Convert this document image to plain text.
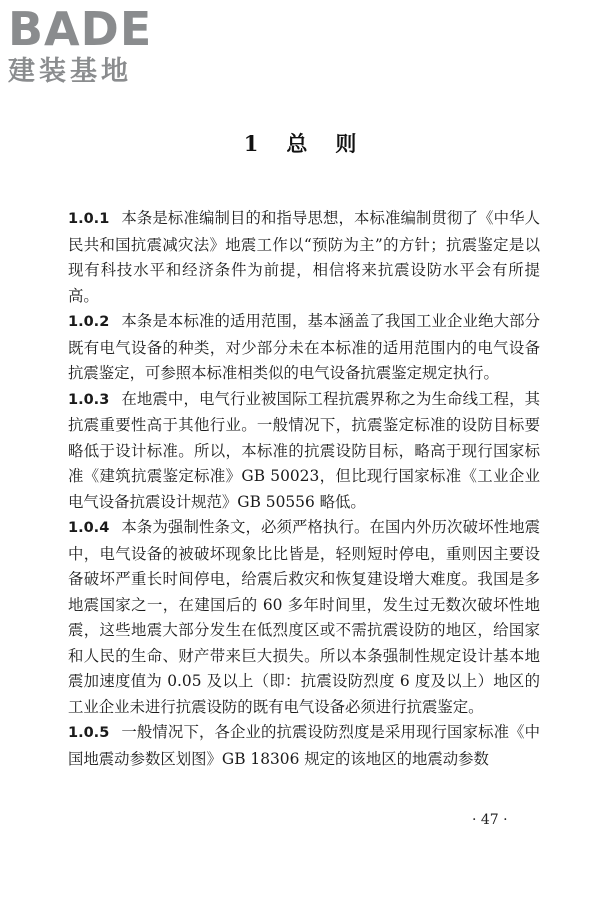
BADE
建装基地
1 总 则

1.0.1 本条是标准编制目的和指导思想，本标准编制贯彻了《中华人民共和国抗震减灾法》地震工作以“预防为主”的方针；抗震鉴定是以现有科技水平和经济条件为前提，相信将来抗震设防水平会有所提高。

1.0.2 本条是本标准的适用范围，基本涵盖了我国工业企业绝大部分既有电气设备的种类，对少部分未在本标准的适用范围内的电气设备抗震鉴定，可参照本标准相类似的电气设备抗震鉴定规定执行。

1.0.3 在地震中，电气行业被国际工程抗震界称之为生命线工程，其抗震重要性高于其他行业。一般情况下，抗震鉴定标准的设防目标要略低于设计标准。所以，本标准的抗震设防目标，略高于现行国家标准《建筑抗震鉴定标准》GB 50023，但比现行国家标准《工业企业电气设备抗震设计规范》GB 50556 略低。

1.0.4 本条为强制性条文，必须严格执行。在国内外历次破坏性地震中，电气设备的被破坏现象比比皆是，轻则短时停电，重则因主要设备破坏严重长时间停电，给震后救灾和恢复建设增大难度。我国是多地震国家之一，在建国后的 60 多年时间里，发生过无数次破坏性地震，这些地震大部分发生在低烈度区或不需抗震设防的地区，给国家和人民的生命、财产带来巨大损失。所以本条强制性规定设计基本地震加速度值为 0.05 及以上（即：抗震设防烈度 6 度及以上）地区的工业企业未进行抗震设防的既有电气设备必须进行抗震鉴定。

1.0.5 一般情况下，各企业的抗震设防烈度是采用现行国家标准《中国地震动参数区划图》GB 18306 规定的该地区的地震动参数

· 47 ·
